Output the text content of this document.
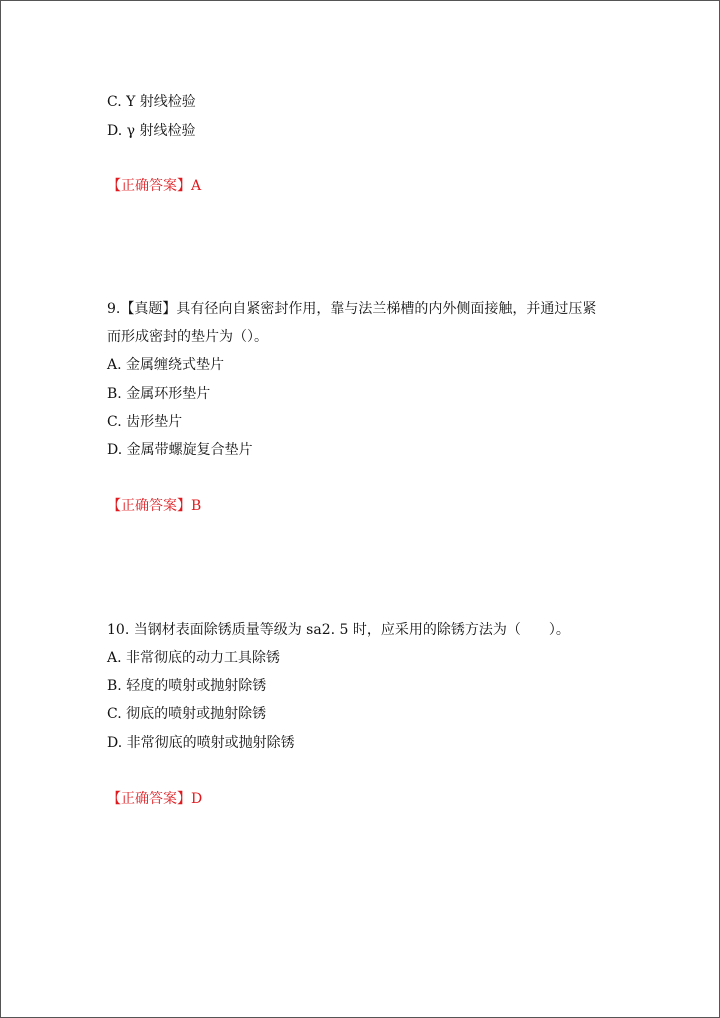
C. Y 射线检验
D. γ 射线检验
【正确答案】A
9.【真题】具有径向自紧密封作用，靠与法兰梯槽的内外侧面接触，并通过压紧
而形成密封的垫片为（）。
A. 金属缠绕式垫片
B. 金属环形垫片
C. 齿形垫片
D. 金属带螺旋复合垫片
【正确答案】B
10. 当钢材表面除锈质量等级为 sa2. 5 时，应采用的除锈方法为（　　）。
A. 非常彻底的动力工具除锈
B. 轻度的喷射或抛射除锈
C. 彻底的喷射或抛射除锈
D. 非常彻底的喷射或抛射除锈
【正确答案】D
